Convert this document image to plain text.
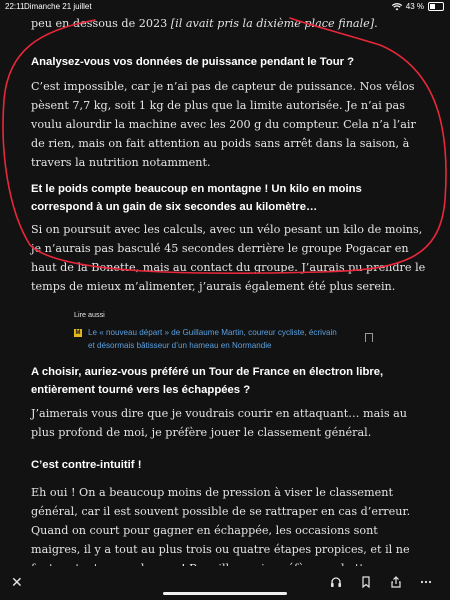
22:11 Dimanche 21 juillet	43 %
peu en dessous de 2023 [il avait pris la dixième place finale].
Analysez-vous vos données de puissance pendant le Tour ?
C’est impossible, car je n’ai pas de capteur de puissance. Nos vélos pèsent 7,7 kg, soit 1 kg de plus que la limite autorisée. Je n’ai pas voulu alourdir la machine avec les 200 g du compteur. Cela n’a l’air de rien, mais on fait attention au poids sans arrêt dans la saison, à travers la nutrition notamment.
Et le poids compte beaucoup en montagne ! Un kilo en moins correspond à un gain de six secondes au kilomètre…
Si on poursuit avec les calculs, avec un vélo pesant un kilo de moins, je n’aurais pas basculé 45 secondes derrière le groupe Pogacar en haut de la Bonette, mais au contact du groupe. J’aurais pu prendre le temps de mieux m’alimenter, j’aurais également été plus serein.
Lire aussi
M Le « nouveau départ » de Guillaume Martin, coureur cycliste, écrivain et désormais bâtisseur d’un hameau en Normandie
A choisir, auriez-vous préféré un Tour de France en électron libre, entièrement tourné vers les échappées ?
J’aimerais vous dire que je voudrais courir en attaquant… mais au plus profond de moi, je préfère jouer le classement général.
C’est contre-intuitif !
Eh oui ! On a beaucoup moins de pression à viser le classement général, car il est souvent possible de se rattraper en cas d’erreur. Quand on court pour gagner en échappée, les occasions sont maigres, il y a tout au plus trois ou quatre étapes propices, et il ne
✕
